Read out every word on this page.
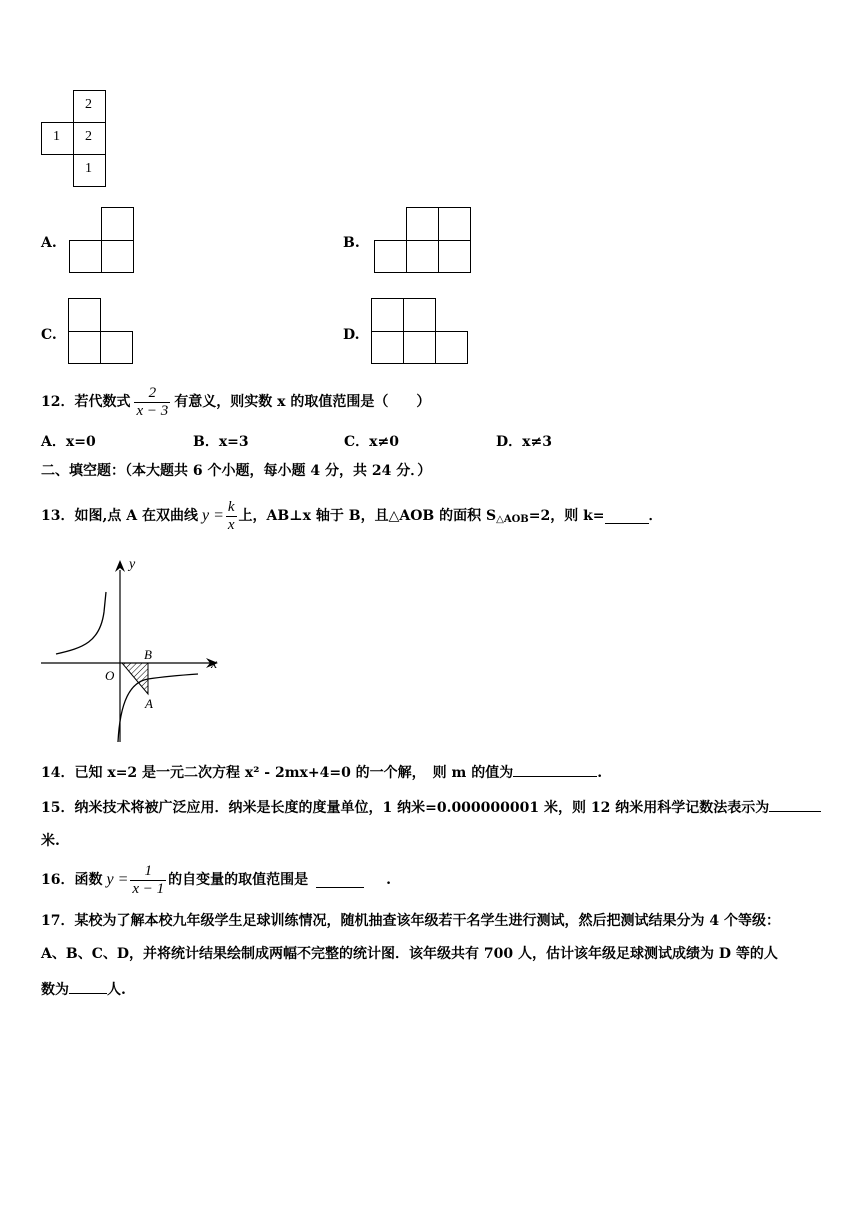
2
1 2
1
A.	B.
C.	D.
12． 若代数式 $\frac{2}{x - 3}$ 有意义，则实数 x 的取值范围是（　　）
A．x=0	B．x=3	C．x≠0	D．x≠3
二、填空题：（本大题共 6 个小题，每小题 4 分，共 24 分．）
13． 如图,点 A 在双曲线 $y = \frac{k}{x}$ 上，AB⊥x 轴于 B，且△AOB 的面积 S △AOB =2，则 k=	．
y
x
O
B
A
14．已知 x=2 是一元二次方程 x² - 2mx+4=0 的一个解，　则 m 的值为	.
15．纳米技术将被广泛应用．纳米是长度的度量单位，1 纳米=0.000000001 米，则 12 纳米用科学记数法表示为
米.
16． 函数 $y = \frac{1}{x - 1}$ 的自变量的取值范围是	.
17．某校为了解本校九年级学生足球训练情况，随机抽查该年级若干名学生进行测试，然后把测试结果分为 4 个等级：
A、B、C、D，并将统计结果绘制成两幅不完整的统计图．该年级共有 700 人，估计该年级足球测试成绩为 D 等的人
数为	人.
